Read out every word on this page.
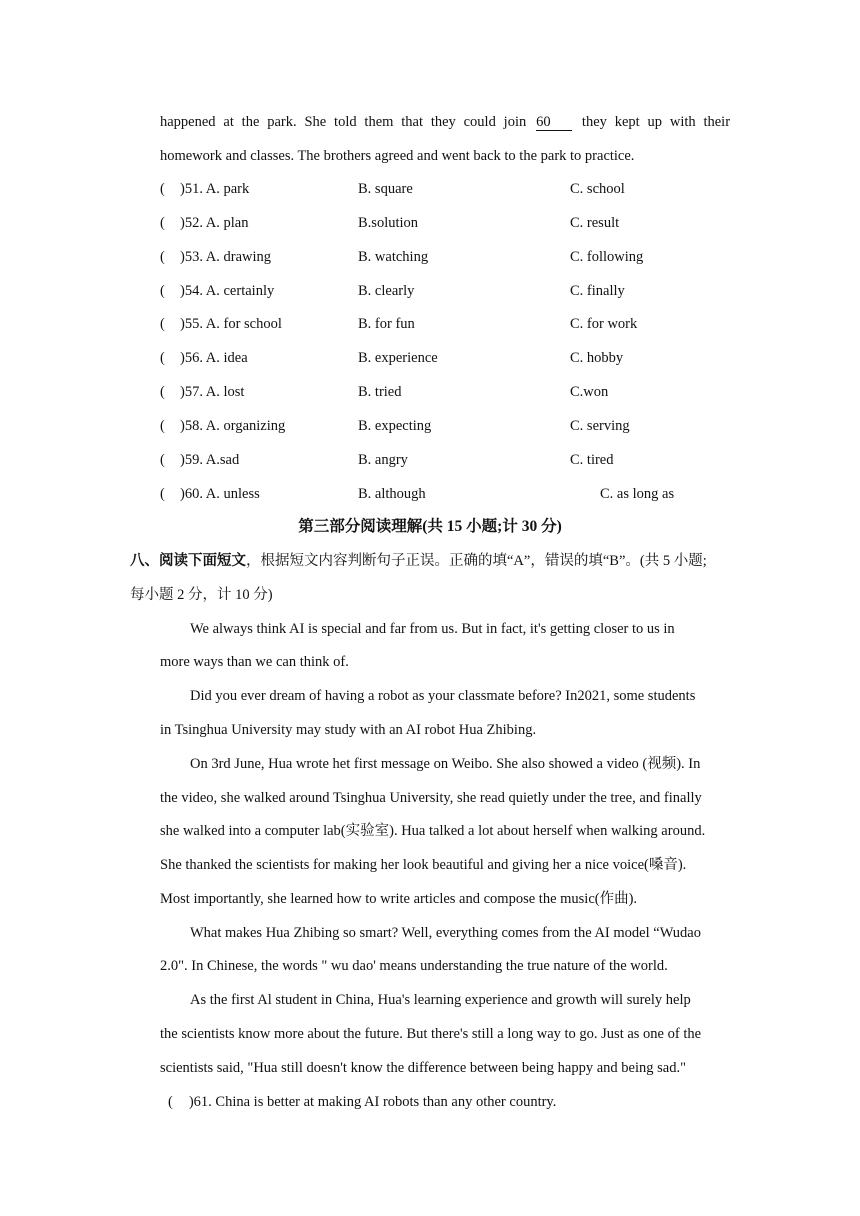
happened at the park. She told them that they could join 60 they kept up with their
homework and classes. The brothers agreed and went back to the park to practice.
( )51. A. park	B. square	C. school
( )52. A. plan	B.solution	C. result
( )53. A. drawing	B. watching	C. following
( )54. A. certainly	B. clearly	C. finally
( )55. A. for school	B. for fun	C. for work
( )56. A. idea	B. experience	C. hobby
( )57. A. lost	B. tried	C.won
( )58. A. organizing	B. expecting	C. serving
( )59. A.sad	B. angry	C. tired
( )60. A. unless	B. although	C. as long as
第三部分阅读理解(共 15 小题;计 30 分)
八、阅读下面短文，根据短文内容判断句子正误。正确的填“A”，错误的填“B”。(共 5 小题;
每小题 2 分，计 10 分)
We always think AI is special and far from us. But in fact, it's getting closer to us in
more ways than we can think of.
Did you ever dream of having a robot as your classmate before? In2021, some students
in Tsinghua University may study with an AI robot Hua Zhibing.
On 3rd June, Hua wrote het first message on Weibo. She also showed a video (视频). In
the video, she walked around Tsinghua University, she read quietly under the tree, and finally
she walked into a computer lab(实验室). Hua talked a lot about herself when walking around.
She thanked the scientists for making her look beautiful and giving her a nice voice(嗓音).
Most importantly, she learned how to write articles and compose the music(作曲).
What makes Hua Zhibing so smart? Well, everything comes from the AI model “Wudao
2.0". In Chinese, the words " wu dao' means understanding the true nature of the world.
As the first Al student in China, Hua's learning experience and growth will surely help
the scientists know more about the future. But there's still a long way to go. Just as one of the
scientists said, "Hua still doesn't know the difference between being happy and being sad."
( )61. China is better at making AI robots than any other country.
